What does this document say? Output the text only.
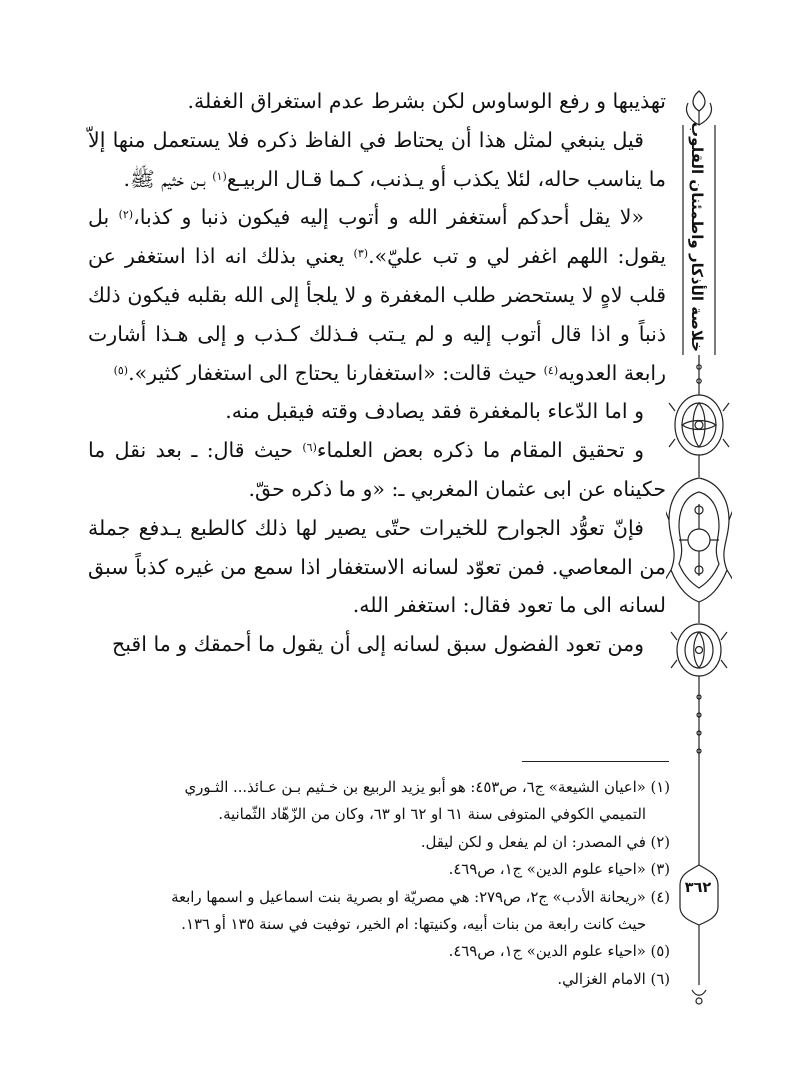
تهذيبها و رفع الوساوس لكن بشرط عدم استغراق الغفلة.

قيل ينبغي لمثل هذا أن يحتاط في الفاظ ذكره فلا يستعمل منها إلاّ ما يناسب حاله، لئلا يكذب أو يـذنب، كـما قـال الربيـع$^{(١)}$ بـن خثيم ﷺ.

«لا يقل أحدكم أستغفر الله و أتوب إليه فيكون ذنبا و كذبا،$^{(٢)}$ بل يقول: اللهم اغفر لي و تب عليّ».$^{(٣)}$ يعني بذلك انه اذا استغفر عن قلب لاهٍ لا يستحضر طلب المغفرة و لا يلجأ إلى الله بقلبه فيكون ذلك ذنباً و اذا قال أتوب إليه و لم يـتب فـذلك كـذب و إلى هـذا أشارت رابعة العدويه$^{(٤)}$ حيث قالت: «استغفارنا يحتاج الى استغفار كثير».$^{(٥)}$

و اما الدّعاء بالمغفرة فقد يصادف وقته فيقبل منه.

و تحقيق المقام ما ذكره بعض العلماء$^{(٦)}$ حيث قال: ـ بعد نقل ما حكيناه عن ابى عثمان المغربي ـ: «و ما ذكره حقّ.

فإنّ تعوُّد الجوارح للخيرات حتّى يصير لها ذلك كالطبع يـدفع جملة من المعاصي. فمن تعوّد لسانه الاستغفار اذا سمع من غيره كذباً سبق لسانه الى ما تعود فقال: استغفر الله.

ومن تعود الفضول سبق لسانه إلى أن يقول ما أحمقك و ما اقبح

(١) «اعيان الشيعة» ج٦، ص٤٥٣: هو أبو يزيد الربيع بن خـثيم بـن عـائذ... الثـوري
التميمي الكوفي المتوفى سنة ٦١ او ٦٢ او ٦٣، وكان من الزّهّاد الثّمانية.
(٢) في المصدر: ان لم يفعل و لكن ليقل.
(٣) «احياء علوم الدين» ج١، ص٤٦٩.
(٤) «ريحانة الأدب» ج٢، ص٢٧٩: هي مصريّة او بصرية بنت اسماعيل و اسمها رابعة
حيث كانت رابعة من بنات أبيه، وكنيتها: ام الخير، توفيت في سنة ١٣٥ أو ١٣٦.
(٥) «احياء علوم الدين» ج١، ص٤٦٩.
(٦) الامام الغزالي.
خلاصة الأذكار واطمئنان القلوب
٣٦٢
